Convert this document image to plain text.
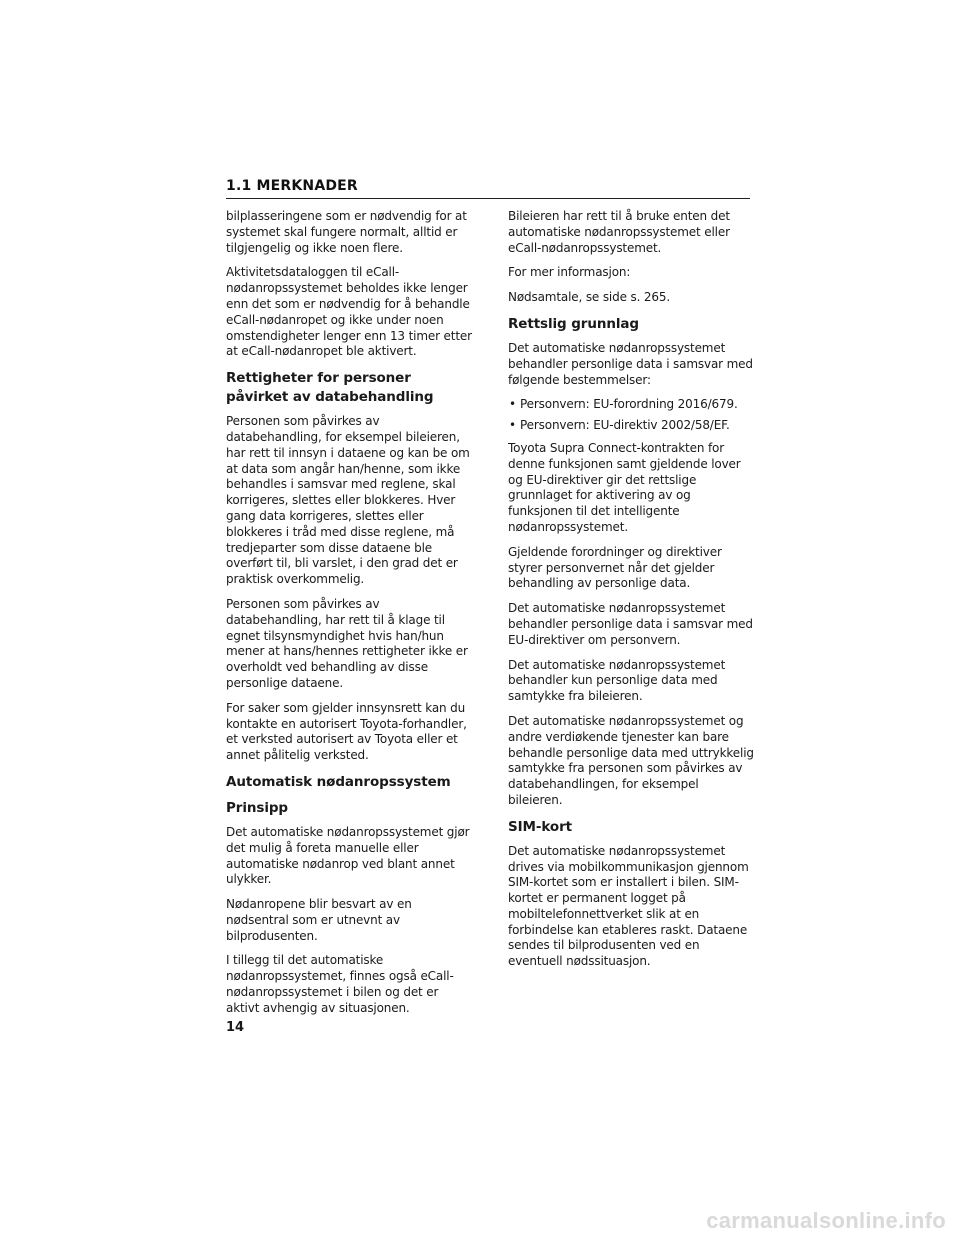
1.1 MERKNADER

bilplasseringene som er nødvendig for at systemet skal fungere normalt, alltid er tilgjengelig og ikke noen flere.

Aktivitetsdataloggen til eCall-nødanropssystemet beholdes ikke lenger enn det som er nødvendig for å behandle eCall-nødanropet og ikke under noen omstendigheter lenger enn 13 timer etter at eCall-nødanropet ble aktivert.

Rettigheter for personer påvirket av databehandling

Personen som påvirkes av databehandling, for eksempel bileieren, har rett til innsyn i dataene og kan be om at data som angår han/henne, som ikke behandles i samsvar med reglene, skal korrigeres, slettes eller blokkeres. Hver gang data korrigeres, slettes eller blokkeres i tråd med disse reglene, må tredjeparter som disse dataene ble overført til, bli varslet, i den grad det er praktisk overkommelig.

Personen som påvirkes av databehandling, har rett til å klage til egnet tilsynsmyndighet hvis han/hun mener at hans/hennes rettigheter ikke er overholdt ved behandling av disse personlige dataene.

For saker som gjelder innsynsrett kan du kontakte en autorisert Toyota-forhandler, et verksted autorisert av Toyota eller et annet pålitelig verksted.

Automatisk nødanropssystem
Prinsipp

Det automatiske nødanropssystemet gjør det mulig å foreta manuelle eller automatiske nødanrop ved blant annet ulykker.

Nødanropene blir besvart av en nødsentral som er utnevnt av bilprodusenten.

I tillegg til det automatiske nødanropssystemet, finnes også eCall-nødanropssystemet i bilen og det er aktivt avhengig av situasjonen.

Bileieren har rett til å bruke enten det automatiske nødanropssystemet eller eCall-nødanropssystemet.

For mer informasjon:

Nødsamtale, se side s. 265.

Rettslig grunnlag

Det automatiske nødanropssystemet behandler personlige data i samsvar med følgende bestemmelser:

• Personvern: EU-forordning 2016/679.
• Personvern: EU-direktiv 2002/58/EF.

Toyota Supra Connect-kontrakten for denne funksjonen samt gjeldende lover og EU-direktiver gir det rettslige grunnlaget for aktivering av og funksjonen til det intelligente nødanropssystemet.

Gjeldende forordninger og direktiver styrer personvernet når det gjelder behandling av personlige data.

Det automatiske nødanropssystemet behandler personlige data i samsvar med EU-direktiver om personvern.

Det automatiske nødanropssystemet behandler kun personlige data med samtykke fra bileieren.

Det automatiske nødanropssystemet og andre verdiøkende tjenester kan bare behandle personlige data med uttrykkelig samtykke fra personen som påvirkes av databehandlingen, for eksempel bileieren.

SIM-kort

Det automatiske nødanropssystemet drives via mobilkommunikasjon gjennom SIM-kortet som er installert i bilen. SIM-kortet er permanent logget på mobiltelefonnettverket slik at en forbindelse kan etableres raskt. Dataene sendes til bilprodusenten ved en eventuell nødssituasjon.

14
carmanualsonline.info
